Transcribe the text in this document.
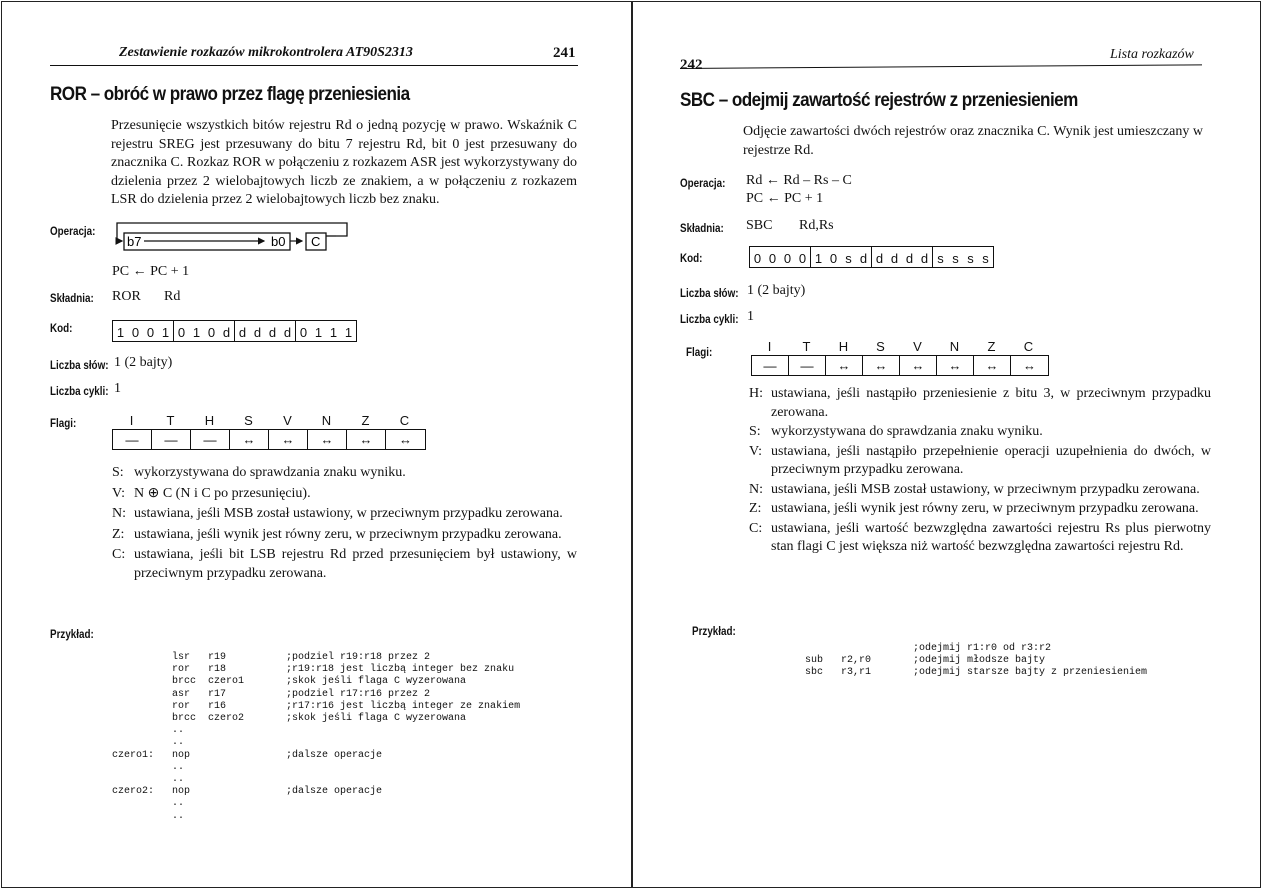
Zestawienie rozkazów mikrokontrolera AT90S2313	241
ROR – obróć w prawo przez flagę przeniesienia
Przesunięcie wszystkich bitów rejestru Rd o jedną pozycję w prawo. Wskaźnik C rejestru SREG jest przesuwany do bitu 7 rejestru Rd, bit 0 jest przesuwany do znacznika C. Rozkaz ROR w połączeniu z rozkazem ASR jest wykorzystywany do dzielenia przez 2 wielobajtowych liczb ze znakiem, a w połączeniu z rozkazem LSR do dzielenia przez 2 wielobajtowych liczb bez znaku.
Operacja:
b7	b0 C
PC ← PC + 1
Składnia: ROR Rd
Kod:	1 0 0 1 0 1 0 d d d d d 0 1 1 1
Liczba słów: 1 (2 bajty)
Liczba cykli: 1
Flagi:	I	T	H	S	V	N	Z	C
—	—	—	↔	↔	↔	↔	↔
S: wykorzystywana do sprawdzania znaku wyniku.
V: N ⊕ C (N i C po przesunięciu).
N: ustawiana, jeśli MSB został ustawiony, w przeciwnym przypadku zerowana.
Z: ustawiana, jeśli wynik jest równy zeru, w przeciwnym przypadku zerowana.
C: ustawiana, jeśli bit LSB rejestru Rd przed przesunięciem był ustawiony, w przeciwnym przypadku zerowana.
Przykład:
lsr   r19          ;podziel r19:r18 przez 2
ror   r18          ;r19:r18 jest liczbą integer bez znaku
brcc  czero1       ;skok jeśli flaga C wyzerowana
asr   r17          ;podziel r17:r16 przez 2
ror   r16          ;r17:r16 jest liczbą integer ze znakiem
brcc  czero2       ;skok jeśli flaga C wyzerowana
..
..
czero1:   nop                ;dalsze operacje
..
..
czero2:   nop                ;dalsze operacje
..
..
242
Lista rozkazów
SBC – odejmij zawartość rejestrów z przeniesieniem
Odjęcie zawartości dwóch rejestrów oraz znacznika C. Wynik jest umieszczany w rejestrze Rd.
Operacja: Rd ← Rd – Rs – C
PC ← PC + 1
Składnia: SBC Rd,Rs
Kod:	0 0 0 0 1 0 s d d d d d s s s s
Liczba słów: 1 (2 bajty)
Liczba cykli: 1
Flagi:	I	T	H	S	V	N	Z	C
—	—	↔	↔	↔	↔	↔	↔
H: ustawiana, jeśli nastąpiło przeniesienie z bitu 3, w przeciwnym przypadku zerowana.
S: wykorzystywana do sprawdzania znaku wyniku.
V: ustawiana, jeśli nastąpiło przepełnienie operacji uzupełnienia do dwóch, w przeciwnym przypadku zerowana.
N: ustawiana, jeśli MSB został ustawiony, w przeciwnym przypadku zerowana.
Z: ustawiana, jeśli wynik jest równy zeru, w przeciwnym przypadku zerowana.
C: ustawiana, jeśli wartość bezwzględna zawartości rejestru Rs plus pierwotny stan flagi C jest większa niż wartość bezwzględna zawartości rejestru Rd.
Przykład:
;odejmij r1:r0 od r3:r2
sub   r2,r0       ;odejmij młodsze bajty
sbc   r3,r1       ;odejmij starsze bajty z przeniesieniem
